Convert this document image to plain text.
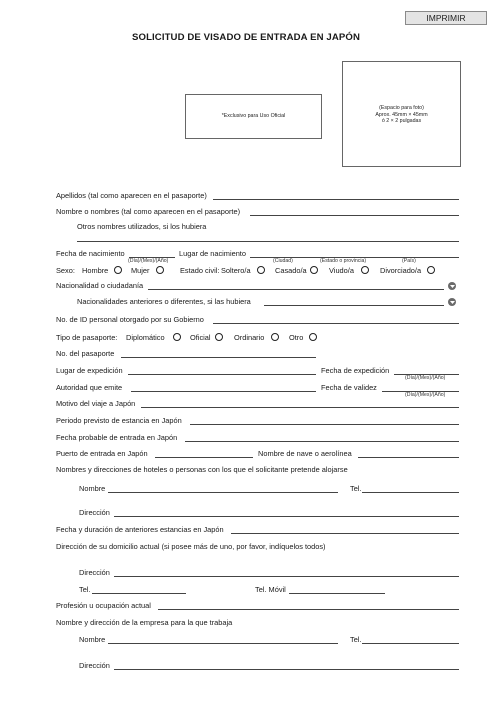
IMPRIMIR
SOLICITUD DE VISADO DE ENTRADA EN JAPÓN
*Exclusivo para Uso Oficial
(Espacio para foto)
Aprox. 45mm × 45mm
ó 2 × 2 pulgadas
Apellidos (tal como aparecen en el pasaporte)
Nombre o nombres (tal como aparecen en el pasaporte)
Otros nombres utilizados, si los hubiera
Fecha de nacimiento	Lugar de nacimiento
(Día)/(Mes)/(Año)	(Ciudad)	(Estado o provincia)	(País)
Sexo: Hombre	Mujer	Estado civil: Soltero/a	Casado/a	Viudo/a	Divorciado/a
Nacionalidad o ciudadanía
Nacionalidades anteriores o diferentes, si las hubiera
No. de ID personal otorgado por su Gobierno
Tipo de pasaporte: Diplomático	Oficial	Ordinario	Otro
No. del pasaporte
Lugar de expedición	Fecha de expedición
(Día)/(Mes)/(Año)
Autoridad que emite	Fecha de validez
(Día)/(Mes)/(Año)
Motivo del viaje a Japón
Periodo previsto de estancia en Japón
Fecha probable de entrada en Japón
Puerto de entrada en Japón	Nombre de nave o aerolínea
Nombres y direcciones de hoteles o personas con los que el solicitante pretende alojarse
Nombre	Tel.
Dirección
Fecha y duración de anteriores estancias en Japón
Dirección de su domicilio actual (si posee más de uno, por favor, indíquelos todos)
Dirección
Tel.	Tel. Móvil
Profesión u ocupación actual
Nombre y dirección de la empresa para la que trabaja
Nombre	Tel.
Dirección
